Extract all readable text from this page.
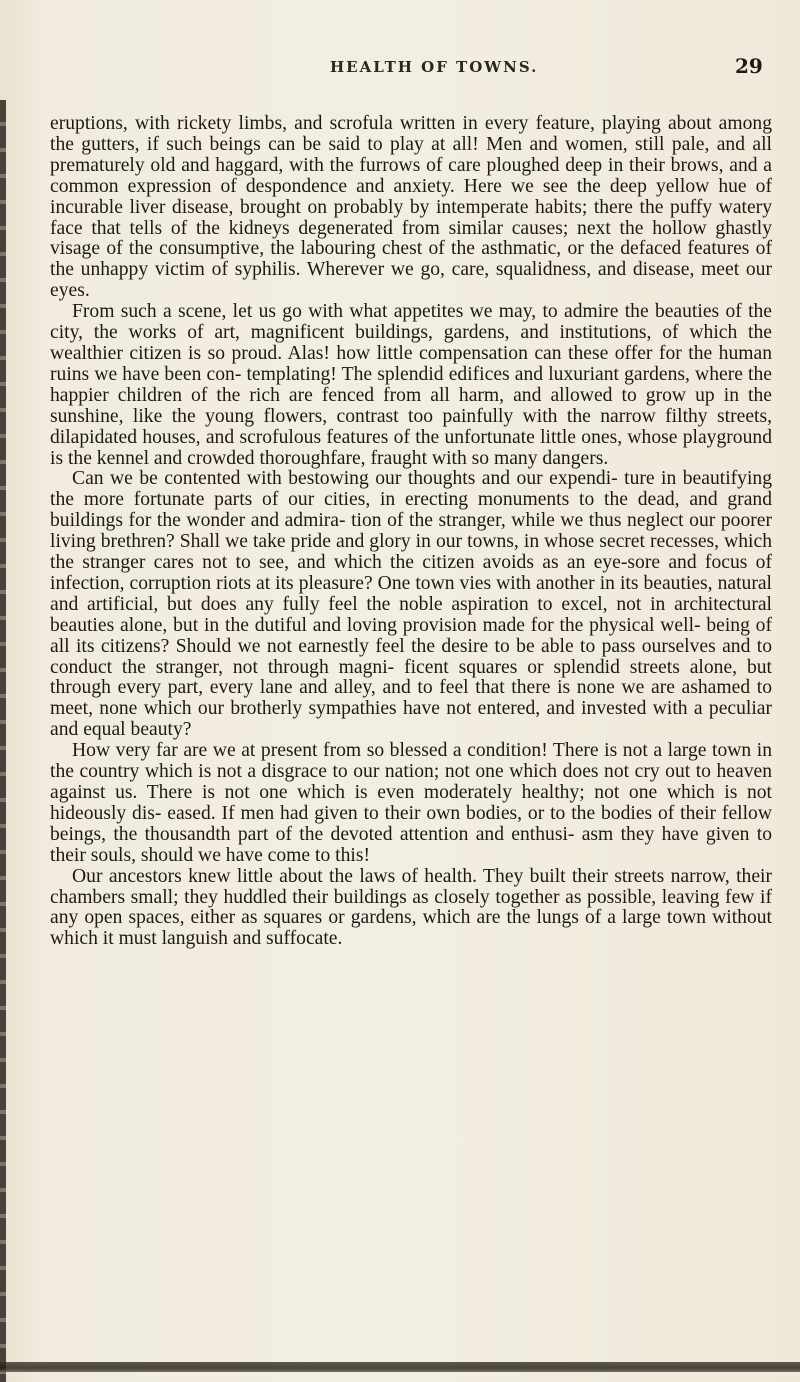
HEALTH OF TOWNS.	29

eruptions, with rickety limbs, and scrofula written in every feature, playing about among the gutters, if such beings can be said to play at all! Men and women, still pale, and all prematurely old and haggard, with the furrows of care ploughed deep in their brows, and a common expression of despondence and anxiety. Here we see the deep yellow hue of incurable liver disease, brought on probably by intemperate habits; there the puffy watery face that tells of the kidneys degenerated from similar causes; next the hollow ghastly visage of the consumptive, the labouring chest of the asthmatic, or the defaced features of the unhappy victim of syphilis. Wherever we go, care, squalidness, and disease, meet our eyes.

From such a scene, let us go with what appetites we may, to admire the beauties of the city, the works of art, magnificent buildings, gardens, and institutions, of which the wealthier citizen is so proud. Alas! how little compensation can these offer for the human ruins we have been con- templating! The splendid edifices and luxuriant gardens, where the happier children of the rich are fenced from all harm, and allowed to grow up in the sunshine, like the young flowers, contrast too painfully with the narrow filthy streets, dilapidated houses, and scrofulous features of the unfortunate little ones, whose playground is the kennel and crowded thoroughfare, fraught with so many dangers.

Can we be contented with bestowing our thoughts and our expendi- ture in beautifying the more fortunate parts of our cities, in erecting monuments to the dead, and grand buildings for the wonder and admira- tion of the stranger, while we thus neglect our poorer living brethren? Shall we take pride and glory in our towns, in whose secret recesses, which the stranger cares not to see, and which the citizen avoids as an eye-sore and focus of infection, corruption riots at its pleasure? One town vies with another in its beauties, natural and artificial, but does any fully feel the noble aspiration to excel, not in architectural beauties alone, but in the dutiful and loving provision made for the physical well- being of all its citizens? Should we not earnestly feel the desire to be able to pass ourselves and to conduct the stranger, not through magni- ficent squares or splendid streets alone, but through every part, every lane and alley, and to feel that there is none we are ashamed to meet, none which our brotherly sympathies have not entered, and invested with a peculiar and equal beauty?

How very far are we at present from so blessed a condition! There is not a large town in the country which is not a disgrace to our nation; not one which does not cry out to heaven against us. There is not one which is even moderately healthy; not one which is not hideously dis- eased. If men had given to their own bodies, or to the bodies of their fellow beings, the thousandth part of the devoted attention and enthusi- asm they have given to their souls, should we have come to this!

Our ancestors knew little about the laws of health. They built their streets narrow, their chambers small; they huddled their buildings as closely together as possible, leaving few if any open spaces, either as squares or gardens, which are the lungs of a large town without which it must languish and suffocate.
